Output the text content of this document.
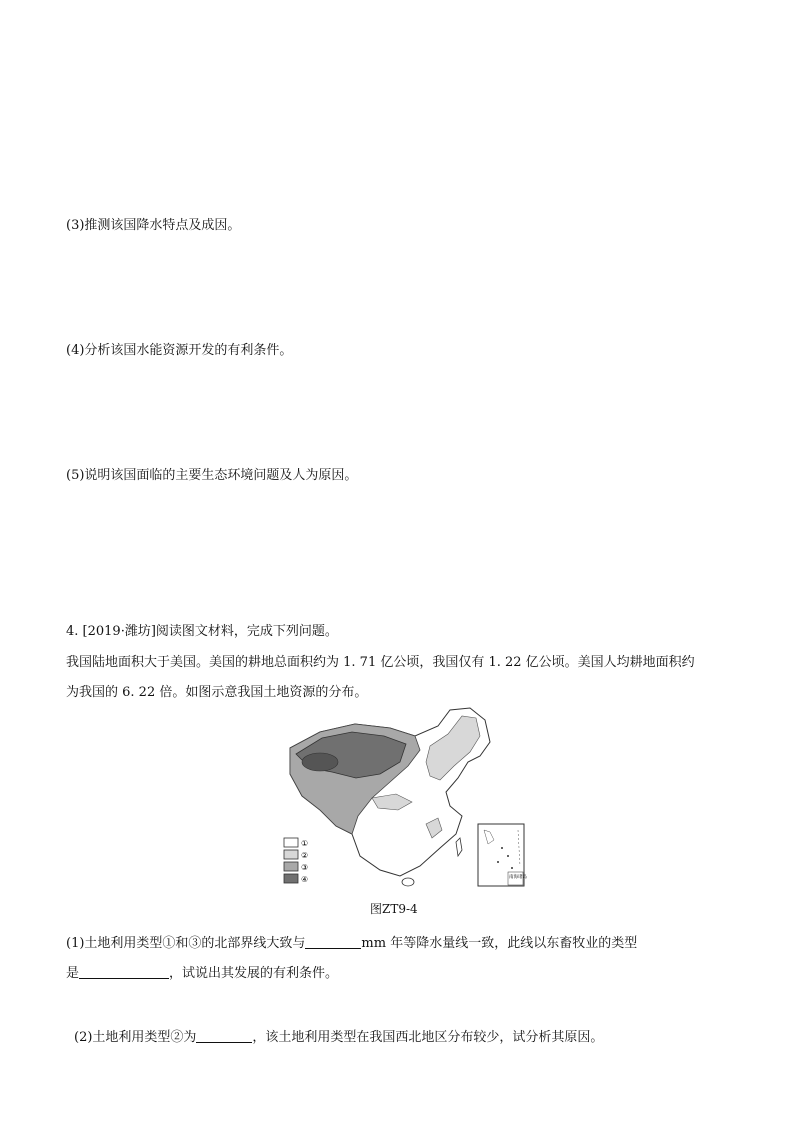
(3)推测该国降水特点及成因。
(4)分析该国水能资源开发的有利条件。
(5)说明该国面临的主要生态环境问题及人为原因。
4. [2019·潍坊]阅读图文材料，完成下列问题。
我国陆地面积大于美国。美国的耕地总面积约为 1. 71 亿公顷，我国仅有 1. 22 亿公顷。美国人均耕地面积约
为我国的 6. 22 倍。如图示意我国土地资源的分布。
①
②
③
④	南海诸岛
图ZT9-4
(1)土地利用类型①和③的北部界线大致与	mm 年等降水量线一致，此线以东畜牧业的类型
是	，试说出其发展的有利条件。
(2)土地利用类型②为	，该土地利用类型在我国西北地区分布较少，试分析其原因。
